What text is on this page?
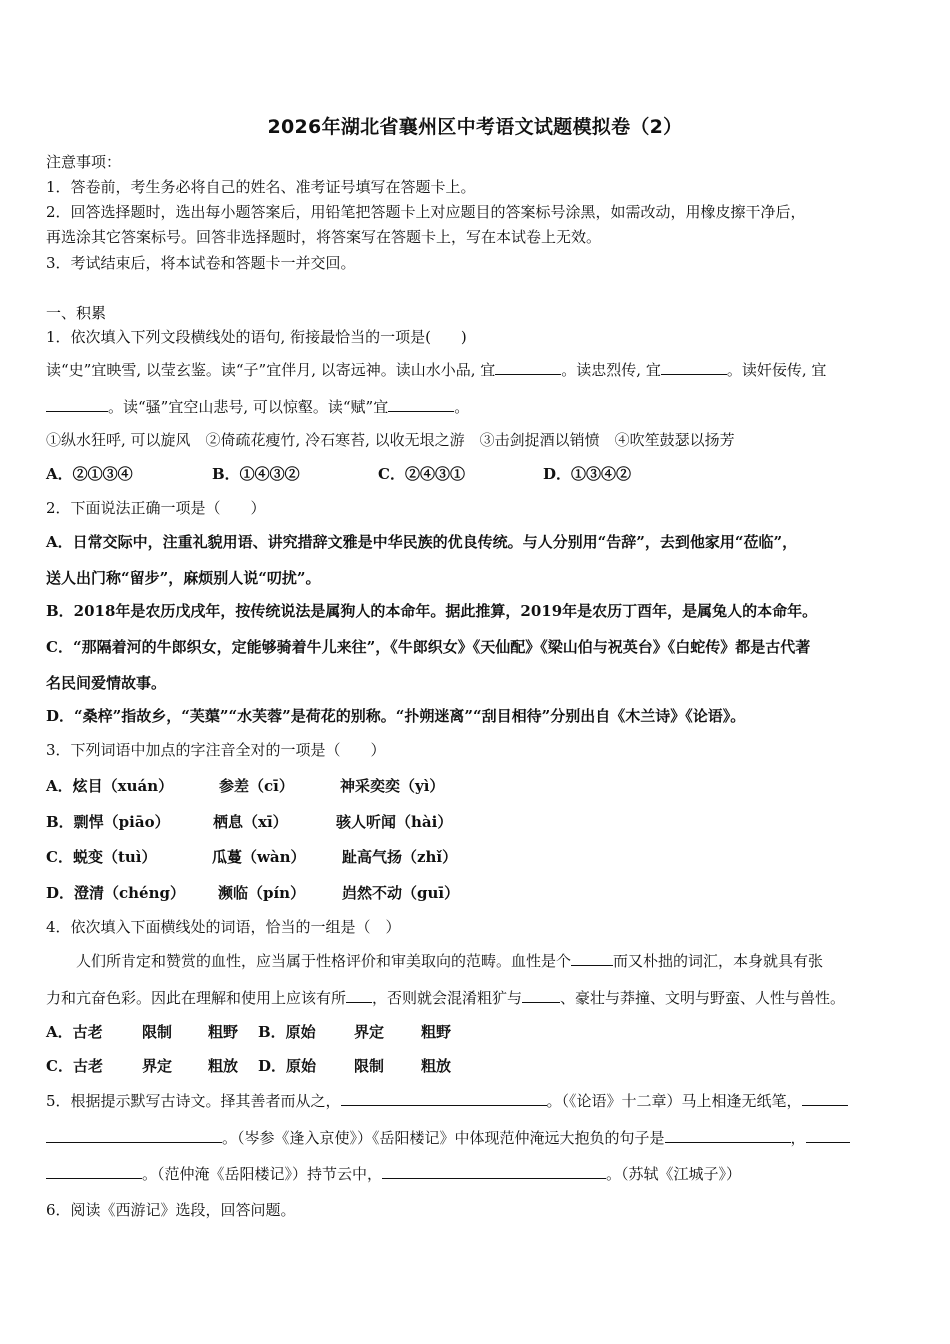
2026年湖北省襄州区中考语文试题模拟卷（2）
注意事项：
1．答卷前，考生务必将自己的姓名、准考证号填写在答题卡上。
2．回答选择题时，选出每小题答案后，用铅笔把答题卡上对应题目的答案标号涂黑，如需改动，用橡皮擦干净后，
再选涂其它答案标号。回答非选择题时，将答案写在答题卡上，写在本试卷上无效。
3．考试结束后，将本试卷和答题卡一并交回。
一、积累
1．依次填入下列文段横线处的语句, 衔接最恰当的一项是(　　)
读“史”宜映雪, 以莹玄鉴。读“子”宜伴月, 以寄远神。读山水小品, 宜	。读忠烈传, 宜	。读奸佞传, 宜
。读“骚”宜空山悲号, 可以惊壑。读“赋”宜	。
①纵水狂呼, 可以旋风　②倚疏花瘦竹, 冷石寒苔, 以收无垠之游　③击剑捉酒以销愤　④吹笙鼓瑟以扬芳
A．②①③④	B．①④③②	C．②④③①	D．①③④②
2．下面说法正确一项是（　　）
A．日常交际中，注重礼貌用语、讲究措辞文雅是中华民族的优良传统。与人分别用“告辞”，去到他家用“莅临”，
送人出门称“留步”，麻烦别人说“叨扰”。
B．2018年是农历戊戌年，按传统说法是属狗人的本命年。据此推算，2019年是农历丁酉年，是属兔人的本命年。
C．“那隔着河的牛郎织女，定能够骑着牛儿来往”，《牛郎织女》《天仙配》《梁山伯与祝英台》《白蛇传》都是古代著
名民间爱情故事。
D．“桑梓”指故乡，“芙蕖”“水芙蓉”是荷花的别称。“扑朔迷离”“刮目相待”分别出自《木兰诗》《论语》。
3．下列词语中加点的字注音全对的一项是（　　）
A．炫目（xuán）	参差（cī）	神采奕奕（yì）
B．剽悍（piāo）	栖息（xī）	骇人听闻（hài）
C．蜕变（tuì）	瓜蔓（wàn） 趾高气扬（zhǐ）
D．澄清（chéng） 濒临（pín） 岿然不动（guī）
4．依次填入下面横线处的词语，恰当的一组是（　）
人们所肯定和赞赏的血性，应当属于性格评价和审美取向的范畴。血性是个	而又朴拙的词汇，本身就具有张
力和亢奋色彩。因此在理解和使用上应该有所 ，否则就会混淆粗犷与	、豪壮与莽撞、文明与野蛮、人性与兽性。
A．古老	限制 粗野 B．原始	界定 粗野
C．古老	界定 粗放 D．原始	限制 粗放
5．根据提示默写古诗文。择其善者而从之，	。（《论语》十二章）马上相逢无纸笔，
。（岑参《逢入京使》）《岳阳楼记》中体现范仲淹远大抱负的句子是	，
。（范仲淹《岳阳楼记》）持节云中，	。（苏轼《江城子》）
6．阅读《西游记》选段，回答问题。
